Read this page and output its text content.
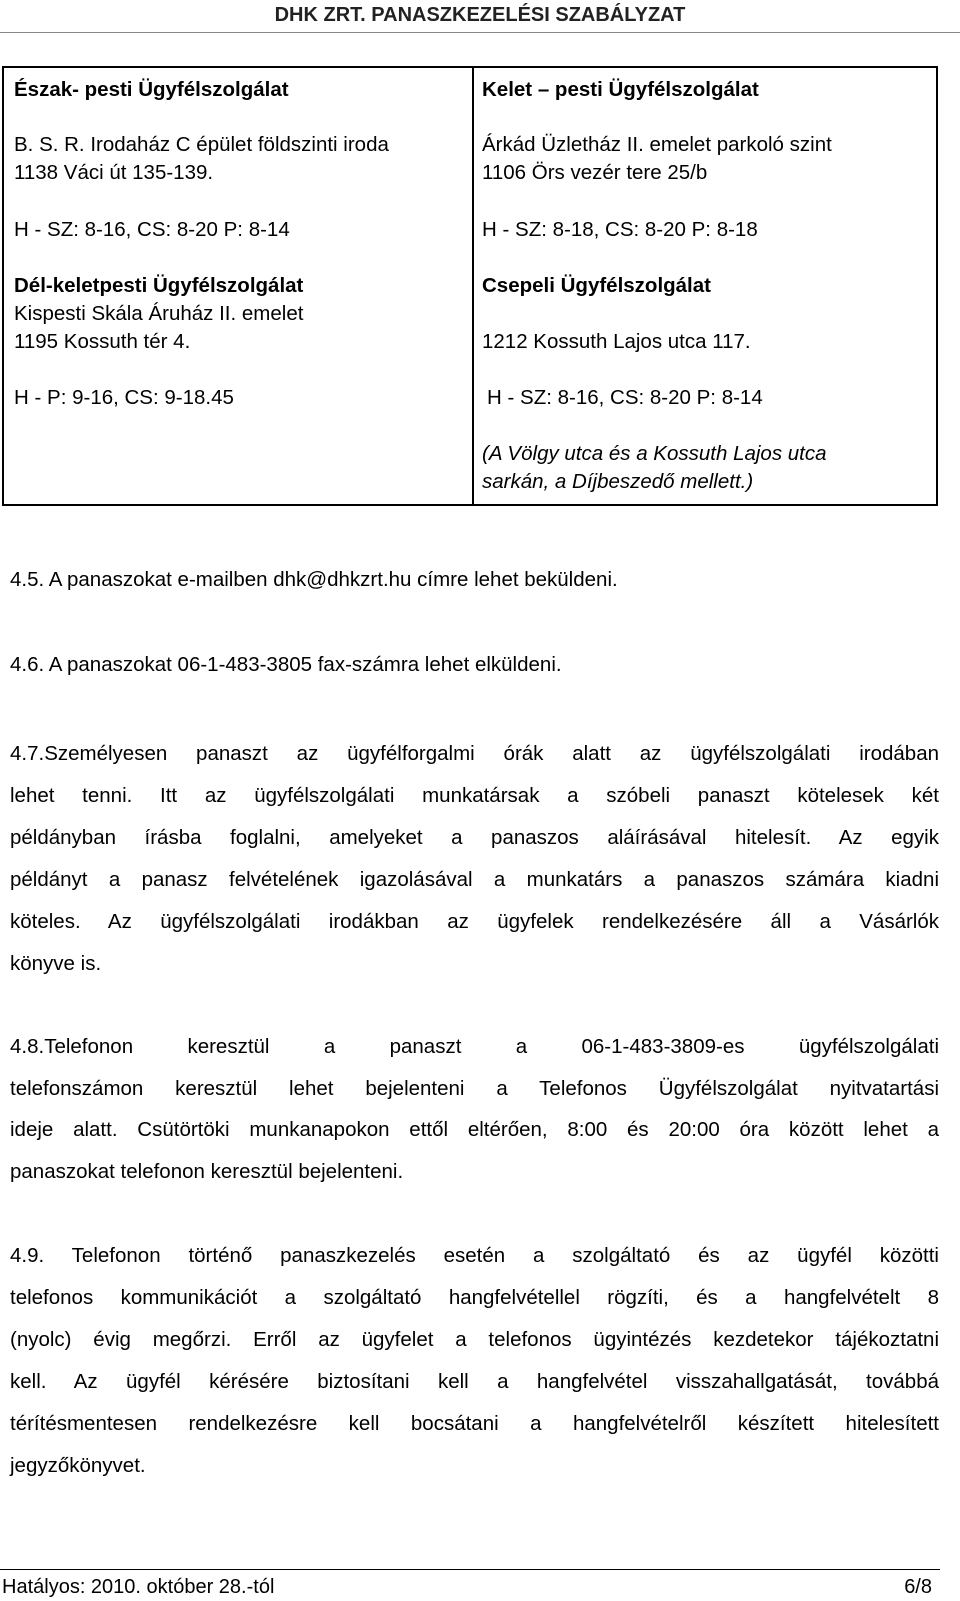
DHK ZRT. PANASZKEZELÉSI SZABÁLYZAT
Észak- pesti Ügyfélszolgálat
B. S. R. Irodaház C épület földszinti iroda
1138 Váci út 135-139.
H - SZ: 8-16, CS: 8-20 P: 8-14
Dél-keletpesti Ügyfélszolgálat
Kispesti Skála Áruház II. emelet
1195 Kossuth tér 4.
H - P: 9-16, CS: 9-18.45
Kelet – pesti Ügyfélszolgálat
Árkád Üzletház II. emelet parkoló szint
1106 Örs vezér tere 25/b
H - SZ: 8-18, CS: 8-20 P: 8-18
Csepeli Ügyfélszolgálat
1212 Kossuth Lajos utca 117.
H - SZ: 8-16, CS: 8-20 P: 8-14
(A Völgy utca és a Kossuth Lajos utca
sarkán, a Díjbeszedő mellett.)
4.5. A panaszokat e-mailben dhk@dhkzrt.hu címre lehet beküldeni.
4.6. A panaszokat 06-1-483-3805 fax-számra lehet elküldeni.
4.7.Személyesen panaszt az ügyfélforgalmi órák alatt az ügyfélszolgálati irodában
lehet tenni. Itt az ügyfélszolgálati munkatársak a szóbeli panaszt kötelesek két
példányban írásba foglalni, amelyeket a panaszos aláírásával hitelesít. Az egyik
példányt a panasz felvételének igazolásával a munkatárs a panaszos számára kiadni
köteles. Az ügyfélszolgálati irodákban az ügyfelek rendelkezésére áll a Vásárlók
könyve is.
4.8.Telefonon keresztül a panaszt a 06-1-483-3809-es ügyfélszolgálati
telefonszámon keresztül lehet bejelenteni a Telefonos Ügyfélszolgálat nyitvatartási
ideje alatt. Csütörtöki munkanapokon ettől eltérően, 8:00 és 20:00 óra között lehet a
panaszokat telefonon keresztül bejelenteni.
4.9. Telefonon történő panaszkezelés esetén a szolgáltató és az ügyfél közötti
telefonos kommunikációt a szolgáltató hangfelvétellel rögzíti, és a hangfelvételt 8
(nyolc) évig megőrzi. Erről az ügyfelet a telefonos ügyintézés kezdetekor tájékoztatni
kell. Az ügyfél kérésére biztosítani kell a hangfelvétel visszahallgatását, továbbá
térítésmentesen rendelkezésre kell bocsátani a hangfelvételről készített hitelesített
jegyzőkönyvet.
Hatályos: 2010. október 28.-tól	6/8
